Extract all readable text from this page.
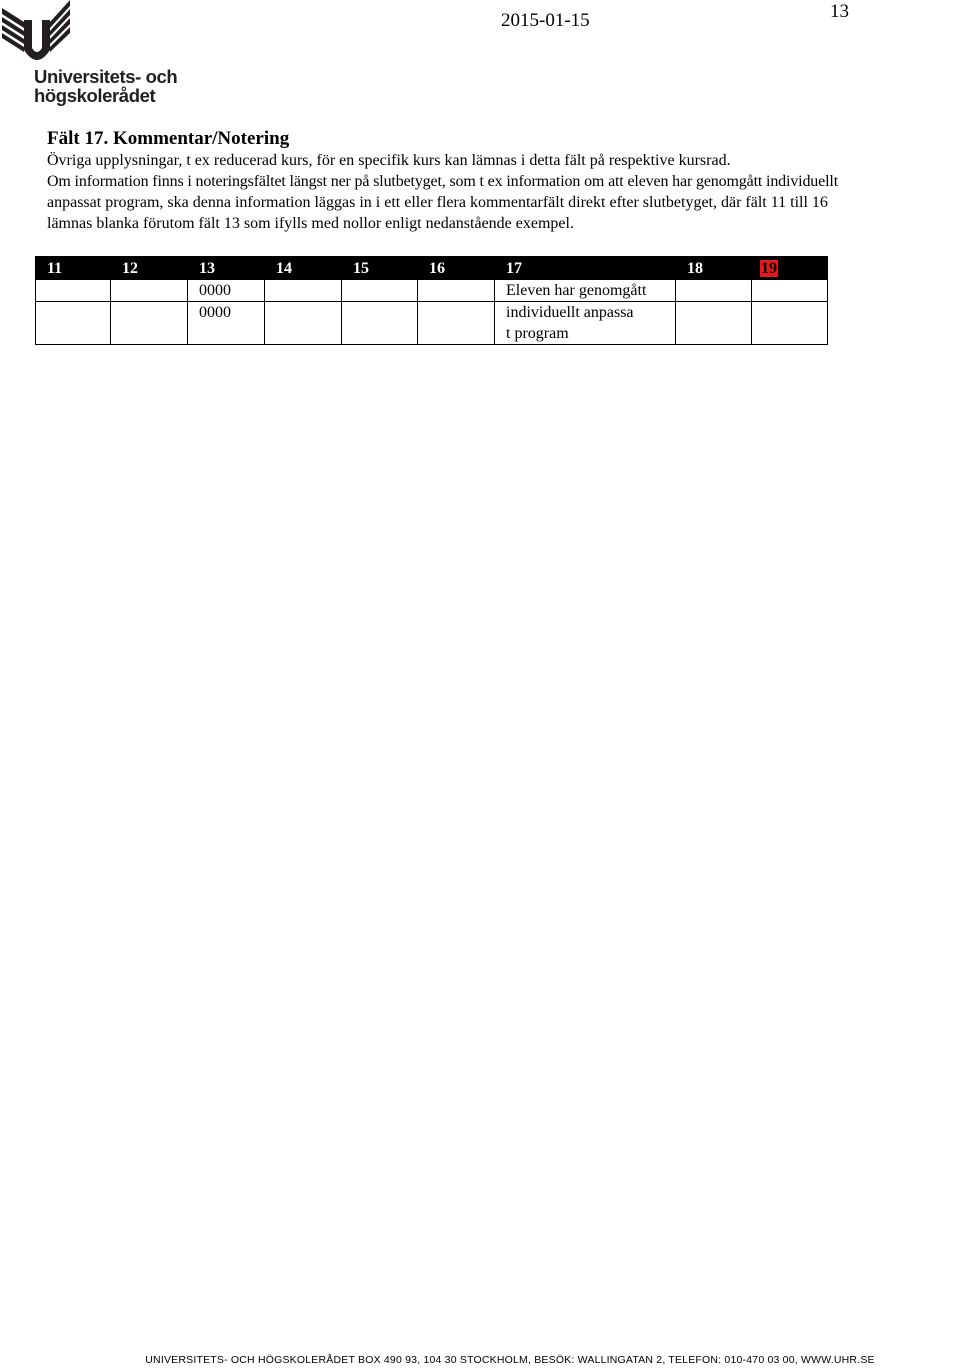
Universitets- och
högskolerådet
2015-01-15	13
Fält 17. Kommentar/Notering

Övriga upplysningar, t ex reducerad kurs, för en specifik kurs kan lämnas i detta fält på respektive kursrad.

Om information finns i noteringsfältet längst ner på slutbetyget, som t ex information om att eleven har genomgått individuellt

anpassat program, ska denna information läggas in i ett eller flera kommentarfält direkt efter slutbetyget, där fält 11 till 16

lämnas blanka förutom fält 13 som ifylls med nollor enligt nedanstående exempel.

11	12	13	14	15	16	17	18	19
		0000				Eleven har genomgått		
		0000				individuellt anpassa
t program		
UNIVERSITETS- OCH HÖGSKOLERÅDET BOX 490 93, 104 30 STOCKHOLM, BESÖK: WALLINGATAN 2, TELEFON: 010-470 03 00, WWW.UHR.SE
